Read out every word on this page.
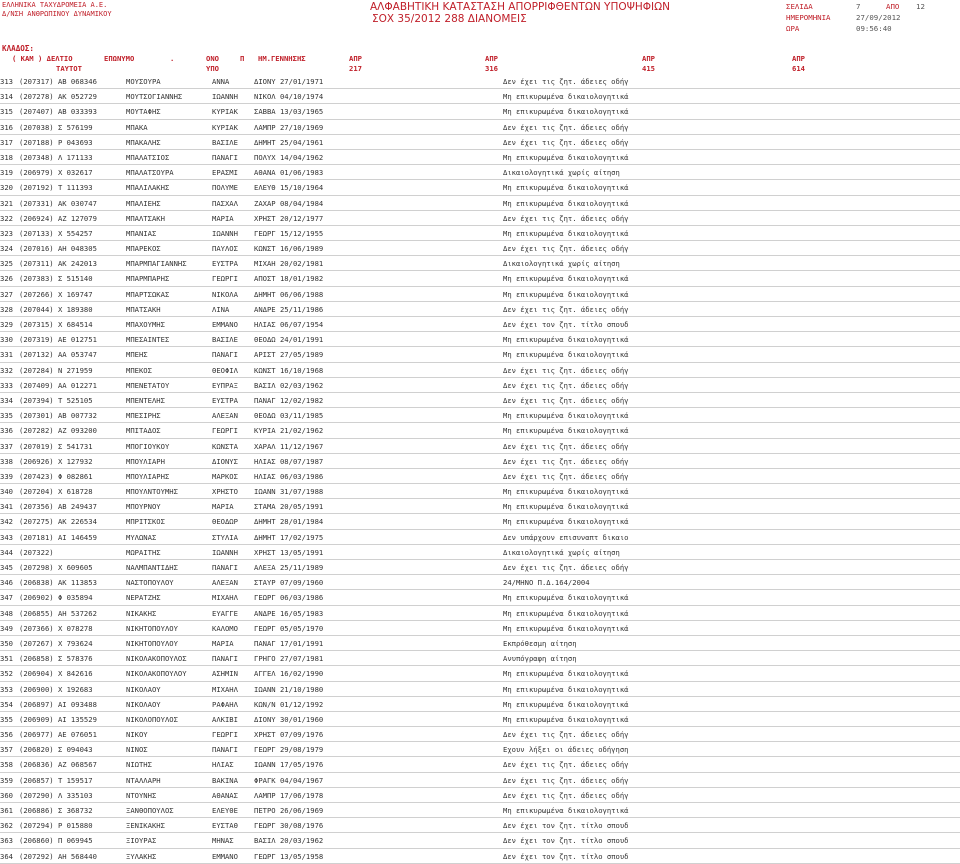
ΕΛΛΗΝΙΚΑ ΤΑΧΥΔΡΟΜΕΙΑ Α.Ε.
Δ/ΝΣΗ ΑΝΘΡΩΠΙΝΟΥ ΔΥΝΑΜΙΚΟΥ
ΑΛΦΑΒΗΤΙΚΗ ΚΑΤΑΣΤΑΣΗ ΑΠΟΡΡΙΦΘΕΝΤΩΝ ΥΠΟΨΗΦΙΩΝ
ΣΟΧ 35/2012 288 ΔΙΑΝΟΜΕΙΣ
ΣΕΛΙΔΑ	7	ΑΠΟ	12
ΗΜΕΡΟΜΗΝΙΑ	27/09/2012
ΩΡΑ	09:56:40
ΚΛΑΔΟΣ:
( ΚΑΜ ) ΔΕΛΤΙΟ
ΤΑΥΤΟΤ
ΕΠΩΝΥΜΟ	.	ΟΝΟ
ΥΠΟ
Π ΗΜ.ΓΕΝΝΗΣΗΣ	ΑΠΡ
217
ΑΠΡ
316
ΑΠΡ
415
ΑΠΡ
614
313 (207317) ΑΒ 068346	ΜΟΥΣΟΥΡΑ	ΑΝΝΑ	ΔΙΟΝΥ 27/01/1971	Δεν έχει τις ζητ. άδειες οδήγ
314 (207278) ΑΚ 052729	ΜΟΥΤΣΟΓΙΑΝΝΗΣ	ΙΩΑΝΝΗ ΝΙΚΟΛ 04/10/1974	Μη επικυρωμένα δικαιολογητικά
315 (207407) ΑΒ 033393	ΜΟΥΤΑΦΗΣ	ΚΥΡΙΑΚ ΣΑΒΒΑ 13/03/1965	Μη επικυρωμένα δικαιολογητικά
316 (207038) Σ 576199	ΜΠΑΚΑ	ΚΥΡΙΑΚ ΛΑΜΠΡ 27/10/1969	Δεν έχει τις ζητ. άδειες οδήγ
317 (207188) Ρ 043693	ΜΠΑΚΑΛΗΣ	ΒΑΣΙΛΕ ΔΗΜΗΤ 25/04/1961	Δεν έχει τις ζητ. άδειες οδήγ
318 (207348) Λ 171133	ΜΠΑΛΑΤΣΙΟΣ	ΠΑΝΑΓΙ ΠΟΛΥΧ 14/04/1962	Μη επικυρωμένα δικαιολογητικά
319 (206979) Χ 032617	ΜΠΑΛΑΤΣΟΥΡΑ	ΕΡΑΣΜΙ ΑΘΑΝΑ 01/06/1983	Δικαιολογητικά χωρίς αίτηση
320 (207192) Τ 111393	ΜΠΑΛΙΛΑΚΗΣ	ΠΟΛΥΜΕ ΕΛΕΥΘ 15/10/1964	Μη επικυρωμένα δικαιολογητικά
321 (207331) ΑΚ 030747	ΜΠΑΛΙΕΗΣ	ΠΑΣΧΑΛ ΖΑΧΑΡ 08/04/1984	Μη επικυρωμένα δικαιολογητικά
322 (206924) ΑΖ 127079	ΜΠΑΛΤΣΑΚΗ	ΜΑΡΙΑ	ΧΡΗΣΤ 20/12/1977	Δεν έχει τις ζητ. άδειες οδήγ
323 (207133) Χ 554257	ΜΠΑΝΙΑΣ	ΙΩΑΝΝΗ ΓΕΩΡΓ 15/12/1955	Μη επικυρωμένα δικαιολογητικά
324 (207016) ΑΗ 048305	ΜΠΑΡΕΚΟΣ	ΠΑΥΛΟΣ ΚΩΝΣΤ 16/06/1989	Δεν έχει τις ζητ. άδειες οδήγ
325 (207311) ΑΚ 242013	ΜΠΑΡΜΠΑΓΙΑΝΝΗΣ	ΕΥΣΤΡΑ ΜΙΧΑΗ 20/02/1981	Δικαιολογητικά χωρίς αίτηση
326 (207383) Σ 515140	ΜΠΑΡΜΠΑΡΗΣ	ΓΕΩΡΓΙ ΑΠΟΣΤ 18/01/1982	Μη επικυρωμένα δικαιολογητικά
327 (207266) Χ 169747	ΜΠΑΡΤΣΩΚΑΣ	ΝΙΚΟΛΑ ΔΗΜΗΤ 06/06/1988	Μη επικυρωμένα δικαιολογητικά
328 (207044) Χ 189380	ΜΠΑΤΣΑΚΗ	ΛΙΝΑ	ΑΝΔΡΕ 25/11/1986	Δεν έχει τις ζητ. άδειες οδήγ
329 (207315) Χ 684514	ΜΠΑΧΟΥΜΗΣ	ΕΜΜΑΝΟ ΗΛΙΑΣ 06/07/1954	Δεν έχει τον ζητ. τίτλο σπουδ
330 (207319) ΑΕ 012751	ΜΠΕΣΑΙΝΤΕΣ	ΒΑΣΙΛΕ ΘΕΟΔΩ 24/01/1991	Μη επικυρωμένα δικαιολογητικά
331 (207132) ΑΑ 053747	ΜΠΕΗΣ	ΠΑΝΑΓΙ ΑΡΙΣΤ 27/05/1989	Μη επικυρωμένα δικαιολογητικά
332 (207284) Ν 271959	ΜΠΕΚΟΣ	ΘΕΟΦΙΛ ΚΩΝΣΤ 16/10/1968	Δεν έχει τις ζητ. άδειες οδήγ
333 (207409) ΑΑ 012271	ΜΠΕΝΕΤΑΤΟΥ	ΕΥΠΡΑΞ ΒΑΣΙΛ 02/03/1962	Δεν έχει τις ζητ. άδειες οδήγ
334 (207394) Τ 525105	ΜΠΕΝΤΕΛΗΣ	ΕΥΣΤΡΑ ΠΑΝΑΓ 12/02/1982	Δεν έχει τις ζητ. άδειες οδήγ
335 (207301) ΑΒ 007732	ΜΠΕΣΙΡΗΣ	ΑΛΕΞΑΝ ΘΕΟΔΩ 03/11/1985	Μη επικυρωμένα δικαιολογητικά
336 (207282) ΑΖ 093200	ΜΠΙΤΑΔΟΣ	ΓΕΩΡΓΙ ΚΥΡΙΑ 21/02/1962	Μη επικυρωμένα δικαιολογητικά
337 (207019) Σ 541731	ΜΠΟΓΙΟΥΚΟΥ	ΚΩΝΣΤΑ ΧΑΡΑΛ 11/12/1967	Δεν έχει τις ζητ. άδειες οδήγ
338 (206926) Χ 127932	ΜΠΟΥΛΙΑΡΗ	ΔΙΟΝΥΣ ΗΛΙΑΣ 08/07/1987	Δεν έχει τις ζητ. άδειες οδήγ
339 (207423) Φ 082861	ΜΠΟΥΛΙΑΡΗΣ	ΜΑΡΚΟΣ ΗΛΙΑΣ 06/03/1986	Δεν έχει τις ζητ. άδειες οδήγ
340 (207204) Χ 618728	ΜΠΟΥΛΝΤΟΥΜΗΣ	ΧΡΗΣΤΟ ΙΩΑΝΝ 31/07/1988	Μη επικυρωμένα δικαιολογητικά
341 (207356) ΑΒ 249437	ΜΠΟΥΡΝΟΥ	ΜΑΡΙΑ	ΣΤΑΜΑ 20/05/1991	Μη επικυρωμένα δικαιολογητικά
342 (207275) ΑΚ 226534	ΜΠΡΙΤΣΚΟΣ	ΘΕΟΔΩΡ ΔΗΜΗΤ 28/01/1984	Μη επικυρωμένα δικαιολογητικά
343 (207181) ΑΙ 146459	ΜΥΛΩΝΑΣ	ΣΤΥΛΙΑ ΔΗΜΗΤ 17/02/1975	Δεν υπάρχουν επισυναπτ δικαιο
344 (207322)	ΜΩΡΑΙΤΗΣ	ΙΩΑΝΝΗ ΧΡΗΣΤ 13/05/1991	Δικαιολογητικά χωρίς αίτηση
345 (207298) Χ 609605	ΝΑΛΜΠΑΝΤΙΔΗΣ	ΠΑΝΑΓΙ ΑΛΕΞΑ 25/11/1989	Δεν έχει τις ζητ. άδειες οδήγ
346 (206838) ΑΚ 113853	ΝΑΣΤΟΠΟΥΛΟΥ	ΑΛΕΞΑΝ ΣΤΑΥΡ 07/09/1960	24/ΜΗΝΟ Π.Δ.164/2004
347 (206902) Φ 035894	ΝΕΡΑΤΖΗΣ	ΜΙΧΑΗΛ ΓΕΩΡΓ 06/03/1986	Μη επικυρωμένα δικαιολογητικά
348 (206855) ΑΗ 537262	ΝΙΚΑΚΗΣ	ΕΥΑΓΓΕ ΑΝΔΡΕ 16/05/1983	Μη επικυρωμένα δικαιολογητικά
349 (207366) Χ 078278	ΝΙΚΗΤΟΠΟΥΛΟΥ	ΚΑΛΟΜΟ ΓΕΩΡΓ 05/05/1970	Μη επικυρωμένα δικαιολογητικά
350 (207267) Χ 793624	ΝΙΚΗΤΟΠΟΥΛΟΥ	ΜΑΡΙΑ	ΠΑΝΑΓ 17/01/1991	Εκπρόθεσμη αίτηση
351 (206858) Σ 578376	ΝΙΚΟΛΑΚΟΠΟΥΛΟΣ	ΠΑΝΑΓΙ ΓΡΗΓΟ 27/07/1981	Ανυπόγραφη αίτηση
352 (206904) Χ 842616	ΝΙΚΟΛΑΚΟΠΟΥΛΟΥ	ΑΣΗΜΙΝ ΑΓΓΕΛ 16/02/1990	Μη επικυρωμένα δικαιολογητικά
353 (206900) Χ 192683	ΝΙΚΟΛΑΟΥ	ΜΙΧΑΗΛ ΙΩΑΝΝ 21/10/1980	Μη επικυρωμένα δικαιολογητικά
354 (206897) ΑΙ 093488	ΝΙΚΟΛΑΟΥ	ΡΑΦΑΗΛ ΚΩΝ/Ν 01/12/1992	Μη επικυρωμένα δικαιολογητικά
355 (206909) ΑΙ 135529	ΝΙΚΟΛΟΠΟΥΛΟΣ	ΑΛΚΙΒΙ ΔΙΟΝΥ 30/01/1960	Μη επικυρωμένα δικαιολογητικά
356 (206977) ΑΕ 076051	ΝΙΚΟΥ	ΓΕΩΡΓΙ ΧΡΗΣΤ 07/09/1976	Δεν έχει τις ζητ. άδειες οδήγ
357 (206820) Σ 094043	ΝΙΝΟΣ	ΠΑΝΑΓΙ ΓΕΩΡΓ 29/08/1979	Εχουν λήξει οι άδειες οδήγηση
358 (206836) ΑΖ 068567	ΝΙΩΤΗΣ	ΗΛΙΑΣ	ΙΩΑΝΝ 17/05/1976	Δεν έχει τις ζητ. άδειες οδήγ
359 (206857) Τ 159517	ΝΤΑΛΛΑΡΗ	ΒΑΚΙΝΑ ΦΡΑΓΚ 04/04/1967	Δεν έχει τις ζητ. άδειες οδήγ
360 (207290) Λ 335103	ΝΤΟΥΝΗΣ	ΑΘΑΝΑΣ ΛΑΜΠΡ 17/06/1978	Δεν έχει τις ζητ. άδειες οδήγ
361 (206886) Σ 368732	ΞΑΝΘΟΠΟΥΛΟΣ	ΕΛΕΥΘΕ ΠΕΤΡΟ 26/06/1969	Μη επικυρωμένα δικαιολογητικά
362 (207294) Ρ 015880	ΞΕΝΙΚΑΚΗΣ	ΕΥΣΤΑΘ ΓΕΩΡΓ 30/08/1976	Δεν έχει τον ζητ. τίτλο σπουδ
363 (206860) Π 069945	ΞΙΟΥΡΑΣ	ΜΗΝΑΣ	ΒΑΣΙΛ 20/03/1962	Δεν έχει τον ζητ. τίτλο σπουδ
364 (207292) ΑΗ 568440	ΞΥΛΑΚΗΣ	ΕΜΜΑΝΟ ΓΕΩΡΓ 13/05/1958	Δεν έχει τον ζητ. τίτλο σπουδ
